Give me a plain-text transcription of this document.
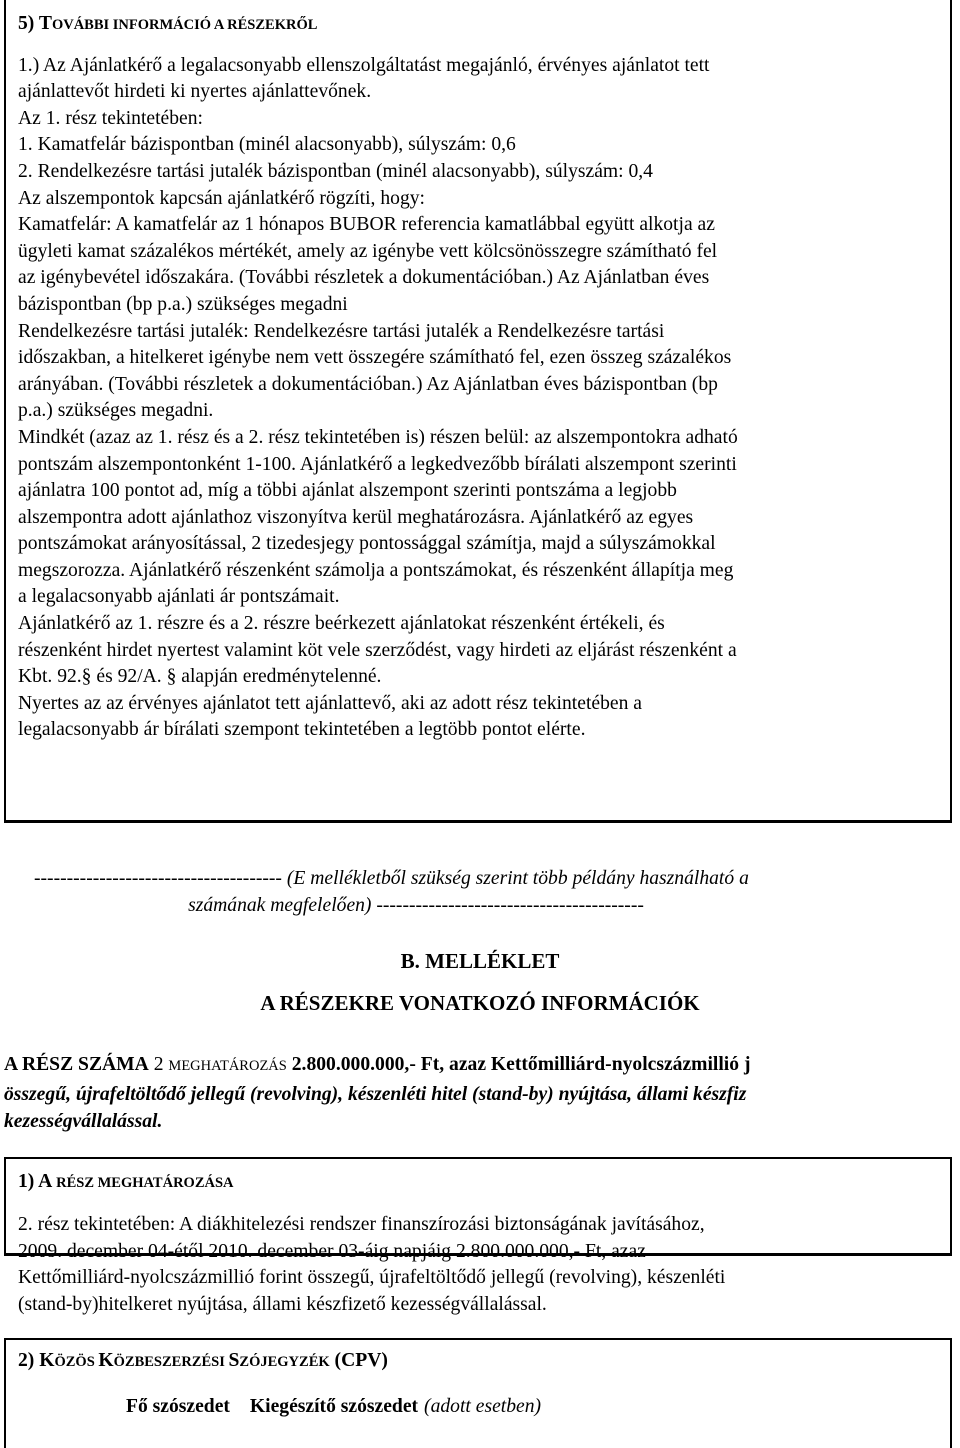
5) TOVÁBBI INFORMÁCIÓ A RÉSZEKRŐL
1.) Az Ajánlatkérő a legalacsonyabb ellenszolgáltatást megajánló, érvényes ajánlatot tett
ajánlattevőt hirdeti ki nyertes ajánlattevőnek.
Az 1. rész tekintetében:
1. Kamatfelár bázispontban (minél alacsonyabb), súlyszám: 0,6
2. Rendelkezésre tartási jutalék bázispontban (minél alacsonyabb), súlyszám: 0,4
Az alszempontok kapcsán ajánlatkérő rögzíti, hogy:
Kamatfelár: A kamatfelár az 1 hónapos BUBOR referencia kamatlábbal együtt alkotja az
ügyleti kamat százalékos mértékét, amely az igénybe vett kölcsönösszegre számítható fel
az igénybevétel időszakára. (További részletek a dokumentációban.) Az Ajánlatban éves
bázispontban (bp p.a.) szükséges megadni
Rendelkezésre tartási jutalék: Rendelkezésre tartási jutalék a Rendelkezésre tartási
időszakban, a hitelkeret igénybe nem vett összegére számítható fel, ezen összeg százalékos
arányában. (További részletek a dokumentációban.) Az Ajánlatban éves bázispontban (bp
p.a.) szükséges megadni.
Mindkét (azaz az 1. rész és a 2. rész tekintetében is) részen belül: az alszempontokra adható
pontszám alszempontonként 1-100. Ajánlatkérő a legkedvezőbb bírálati alszempont szerinti
ajánlatra 100 pontot ad, míg a többi ajánlat alszempont szerinti pontszáma a legjobb
alszempontra adott ajánlathoz viszonyítva kerül meghatározásra. Ajánlatkérő az egyes
pontszámokat arányosítással, 2 tizedesjegy pontossággal számítja, majd a súlyszámokkal
megszorozza. Ajánlatkérő részenként számolja a pontszámokat, és részenként állapítja meg
a legalacsonyabb ajánlati ár pontszámait.
Ajánlatkérő az 1. részre és a 2. részre beérkezett ajánlatokat részenként értékeli, és
részenként hirdet nyertest valamint köt vele szerződést, vagy hirdeti az eljárást részenként a
Kbt. 92.§ és 92/A. § alapján eredménytelenné.
Nyertes az az érvényes ajánlatot tett ajánlattevő, aki az adott rész tekintetében a
legalacsonyabb ár bírálati szempont tekintetében a legtöbb pontot elérte.
-------------------------------------- (E mellékletből szükség szerint több példány használható a
számának megfelelően) -----------------------------------------
B. MELLÉKLET
A RÉSZEKRE VONATKOZÓ INFORMÁCIÓK
A RÉSZ SZÁMA 2 MEGHATÁROZÁS 2.800.000.000,- Ft, azaz Kettőmilliárd-nyolcszázmillió j
összegű, újrafeltöltődő jellegű (revolving), készenléti hitel (stand-by) nyújtása, állami készfiz
kezességvállalással.
1) A RÉSZ MEGHATÁROZÁSA
2. rész tekintetében: A diákhitelezési rendszer finanszírozási biztonságának javításához,
2009. december 04-étől 2010. december 03-áig napjáig 2.800.000.000,- Ft, azaz
Kettőmilliárd-nyolcszázmillió forint összegű, újrafeltöltődő jellegű (revolving), készenléti
(stand-by)hitelkeret nyújtása, állami készfizető kezességvállalással.
2) KÖZÖS KÖZBESZERZÉSI SZÓJEGYZÉK (CPV)
Fő szószedet Kiegészítő szószedet (adott esetben)
